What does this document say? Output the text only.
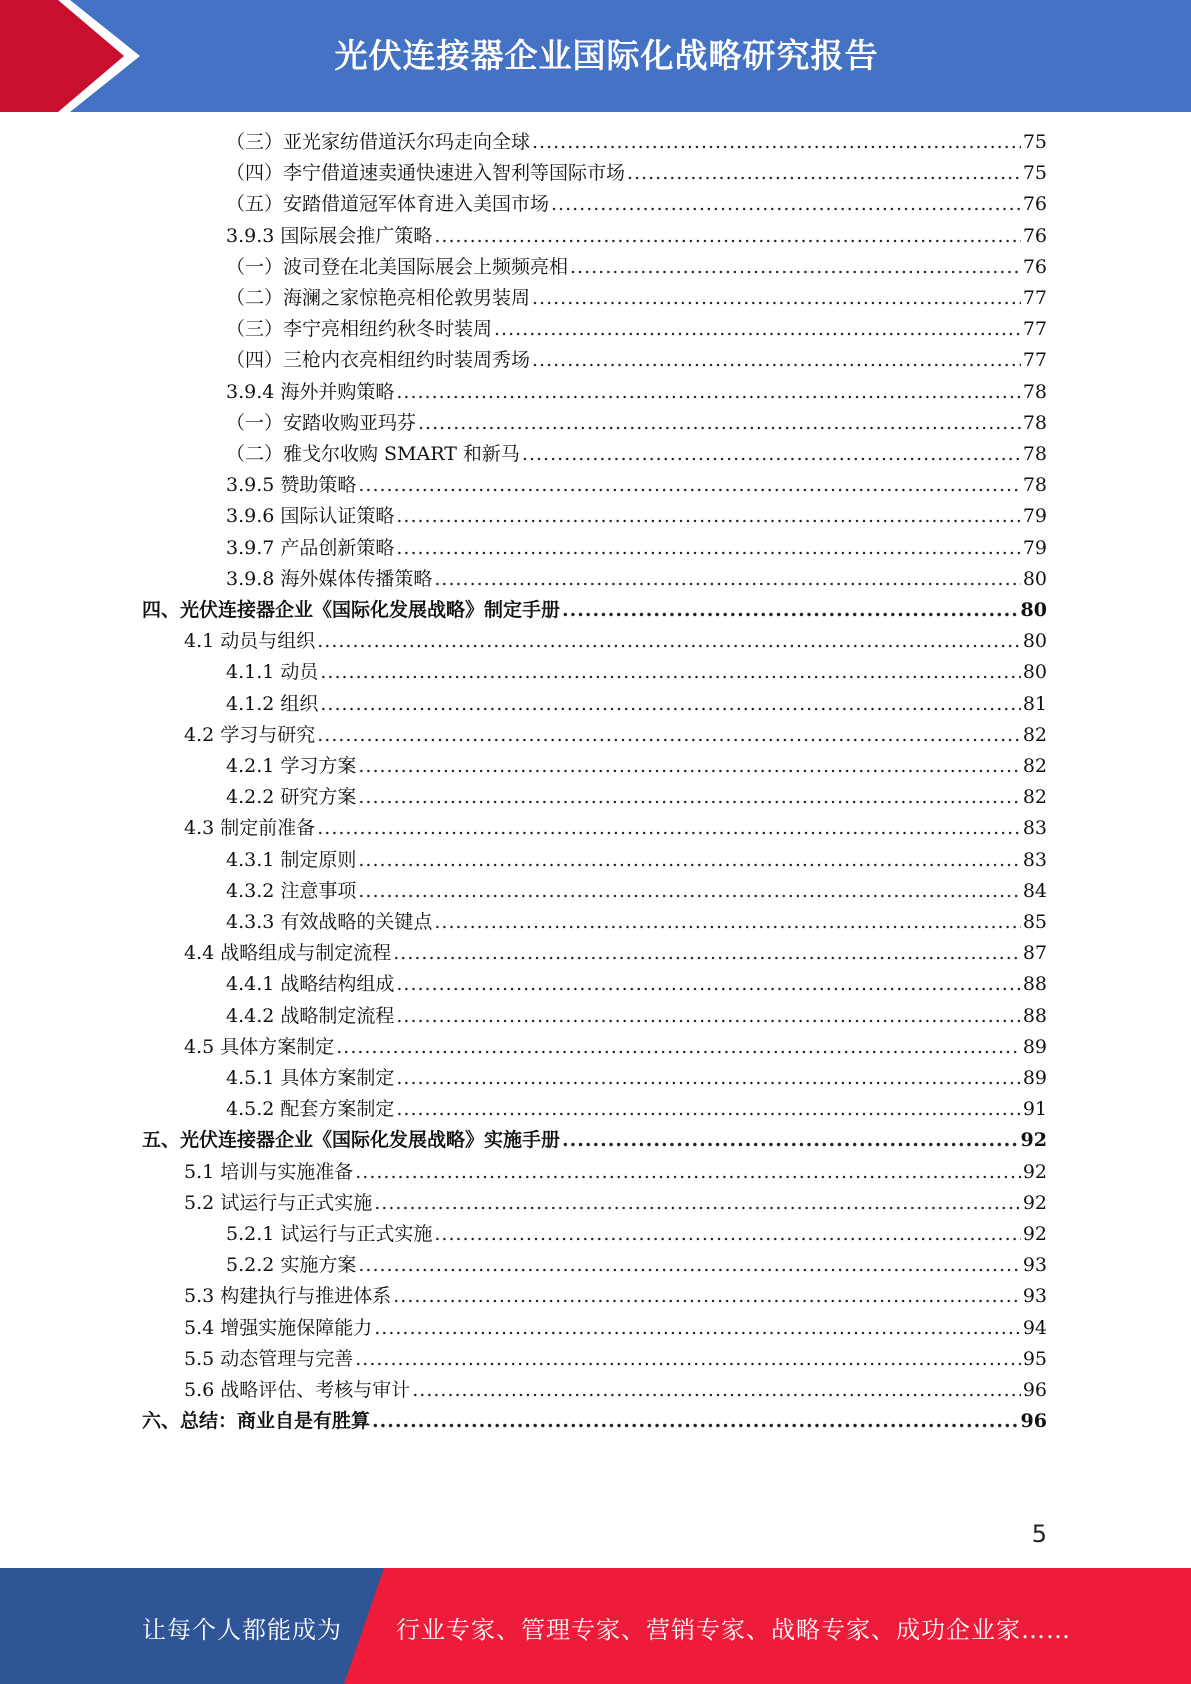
光伏连接器企业国际化战略研究报告
（三）亚光家纺借道沃尔玛走向全球 .....	75
（四）李宁借道速卖通快速进入智利等国际市场 .....	75
（五）安踏借道冠军体育进入美国市场 .....	76
3.9.3 国际展会推广策略 .....	76
（一）波司登在北美国际展会上频频亮相 .....	76
（二）海澜之家惊艳亮相伦敦男装周 .....	77
（三）李宁亮相纽约秋冬时装周 .....	77
（四）三枪内衣亮相纽约时装周秀场 .....	77
3.9.4 海外并购策略 .....	78
（一）安踏收购亚玛芬 .....	78
（二）雅戈尔收购 SMART 和新马 .....	78
3.9.5 赞助策略 .....	78
3.9.6 国际认证策略 .....	79
3.9.7 产品创新策略 .....	79
3.9.8 海外媒体传播策略 .....	80
四、光伏连接器企业《国际化发展战略》制定手册 .....	80
4.1 动员与组织 .....	80
4.1.1 动员 .....	80
4.1.2 组织 .....	81
4.2 学习与研究 .....	82
4.2.1 学习方案 .....	82
4.2.2 研究方案 .....	82
4.3 制定前准备 .....	83
4.3.1 制定原则 .....	83
4.3.2 注意事项 .....	84
4.3.3 有效战略的关键点 .....	85
4.4 战略组成与制定流程 .....	87
4.4.1 战略结构组成 .....	88
4.4.2 战略制定流程 .....	88
4.5 具体方案制定 .....	89
4.5.1 具体方案制定 .....	89
4.5.2 配套方案制定 .....	91
五、光伏连接器企业《国际化发展战略》实施手册 .....	92
5.1 培训与实施准备 .....	92
5.2 试运行与正式实施 .....	92
5.2.1 试运行与正式实施 .....	92
5.2.2 实施方案 .....	93
5.3 构建执行与推进体系 .....	93
5.4 增强实施保障能力 .....	94
5.5 动态管理与完善 .....	95
5.6 战略评估、考核与审计 .....	96
六、总结：商业自是有胜算 .....	96
5
让每个人都能成为 行业专家、管理专家、营销专家、战略专家、成功企业家……
